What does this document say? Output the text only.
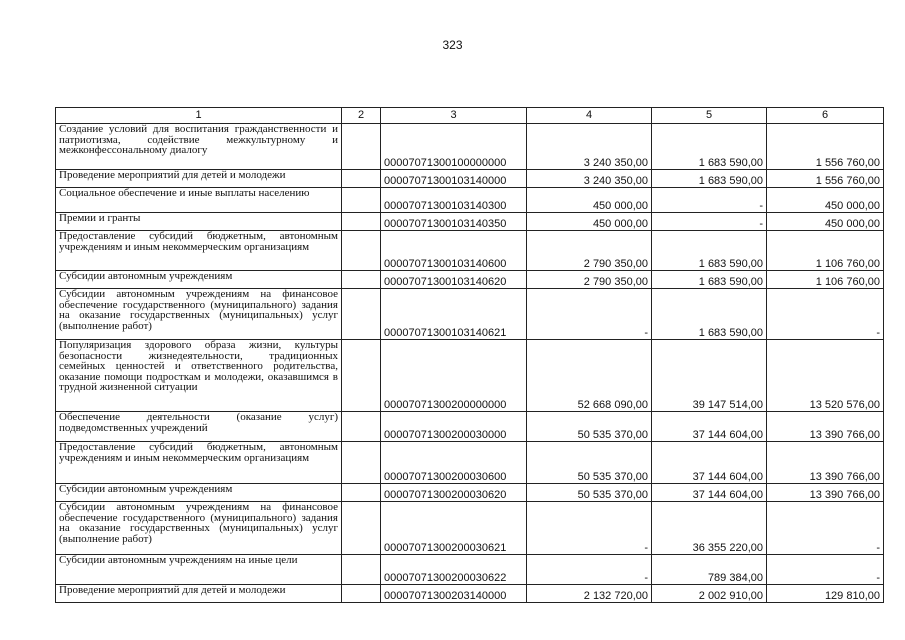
323
1	2	3	4	5	6
Создание условий для воспитания гражданственности и патриотизма, содействие межкультурному и межконфессональному диалогу		00007071300100000000	3 240 350,00	1 683 590,00	1 556 760,00
Проведение мероприятий для детей и молодежи		00007071300103140000	3 240 350,00	1 683 590,00	1 556 760,00
Социальное обеспечение и иные выплаты населению		00007071300103140300	450 000,00	-	450 000,00
Премии и гранты		00007071300103140350	450 000,00	-	450 000,00
Предоставление субсидий бюджетным, автономным учреждениям и иным некоммерческим организациям		00007071300103140600	2 790 350,00	1 683 590,00	1 106 760,00
Субсидии автономным учреждениям		00007071300103140620	2 790 350,00	1 683 590,00	1 106 760,00
Субсидии автономным учреждениям на финансовое обеспечение государственного (муниципального) задания на оказание государственных (муниципальных) услуг (выполнение работ)		00007071300103140621	-	1 683 590,00	-
Популяризация здорового образа жизни, культуры безопасности жизнедеятельности, традиционных семейных ценностей и ответственного родительства, оказание помощи подросткам и молодежи, оказавшимся в трудной жизненной ситуации		00007071300200000000	52 668 090,00	39 147 514,00	13 520 576,00
Обеспечение деятельности (оказание услуг) подведомственных учреждений		00007071300200030000	50 535 370,00	37 144 604,00	13 390 766,00
Предоставление субсидий бюджетным, автономным учреждениям и иным некоммерческим организациям		00007071300200030600	50 535 370,00	37 144 604,00	13 390 766,00
Субсидии автономным учреждениям		00007071300200030620	50 535 370,00	37 144 604,00	13 390 766,00
Субсидии автономным учреждениям на финансовое обеспечение государственного (муниципального) задания на оказание государственных (муниципальных) услуг (выполнение работ)		00007071300200030621	-	36 355 220,00	-
Субсидии автономным учреждениям на иные цели		00007071300200030622	-	789 384,00	-
Проведение мероприятий для детей и молодежи		00007071300203140000	2 132 720,00	2 002 910,00	129 810,00
